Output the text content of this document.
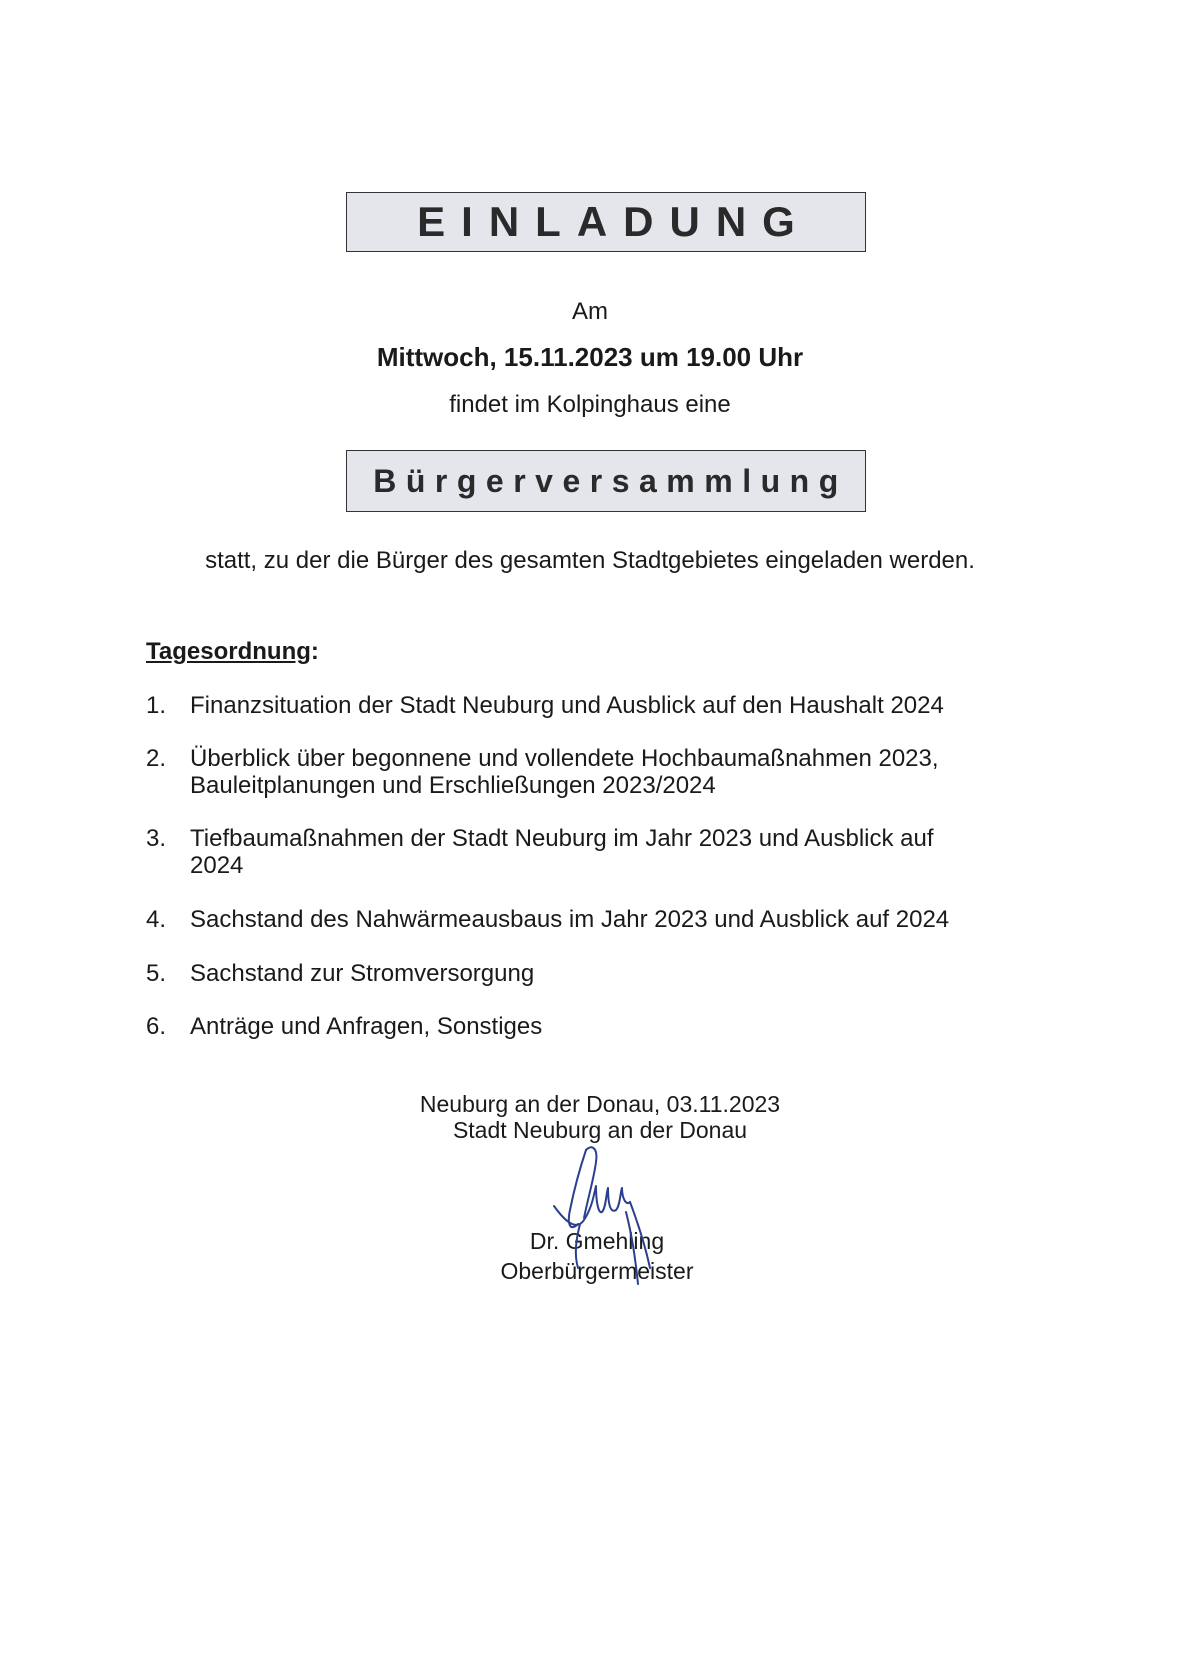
EINLADUNG
Am
Mittwoch, 15.11.2023 um 19.00 Uhr
findet im Kolpinghaus eine
Bürgerversammlung
statt, zu der die Bürger des gesamten Stadtgebietes eingeladen werden.
Tagesordnung:
1. Finanzsituation der Stadt Neuburg und Ausblick auf den Haushalt 2024
2. Überblick über begonnene und vollendete Hochbaumaßnahmen 2023,
Bauleitplanungen und Erschließungen 2023/2024
3. Tiefbaumaßnahmen der Stadt Neuburg im Jahr 2023 und Ausblick auf
2024
4. Sachstand des Nahwärmeausbaus im Jahr 2023 und Ausblick auf 2024
5. Sachstand zur Stromversorgung
6. Anträge und Anfragen, Sonstiges
Neuburg an der Donau, 03.11.2023
Stadt Neuburg an der Donau
Dr. Gmehling
Oberbürgermeister
